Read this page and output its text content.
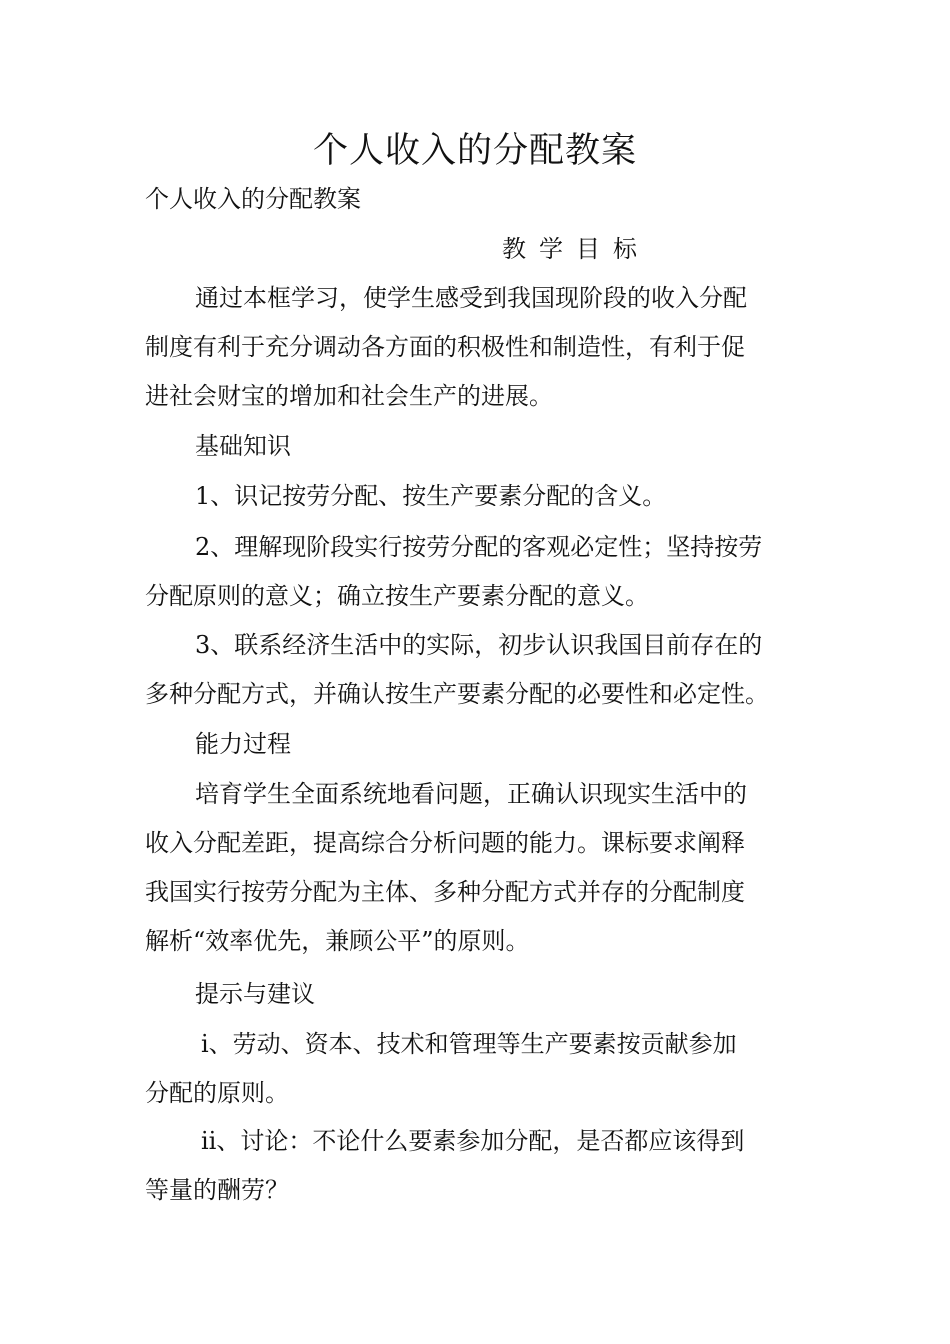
个人收入的分配教案
个人收入的分配教案
教学目标
通过本框学习，使学生感受到我国现阶段的收入分配
制度有利于充分调动各方面的积极性和制造性，有利于促
进社会财宝的增加和社会生产的进展。
基础知识
1、识记按劳分配、按生产要素分配的含义。
2、理解现阶段实行按劳分配的客观必定性；坚持按劳
分配原则的意义；确立按生产要素分配的意义。
3、联系经济生活中的实际，初步认识我国目前存在的
多种分配方式，并确认按生产要素分配的必要性和必定性。
能力过程
培育学生全面系统地看问题，正确认识现实生活中的
收入分配差距，提高综合分析问题的能力。课标要求阐释
我国实行按劳分配为主体、多种分配方式并存的分配制度
解析“效率优先，兼顾公平”的原则。
提示与建议
ⅰ、劳动、资本、技术和管理等生产要素按贡献参加
分配的原则。
ⅱ、讨论：不论什么要素参加分配，是否都应该得到
等量的酬劳？
